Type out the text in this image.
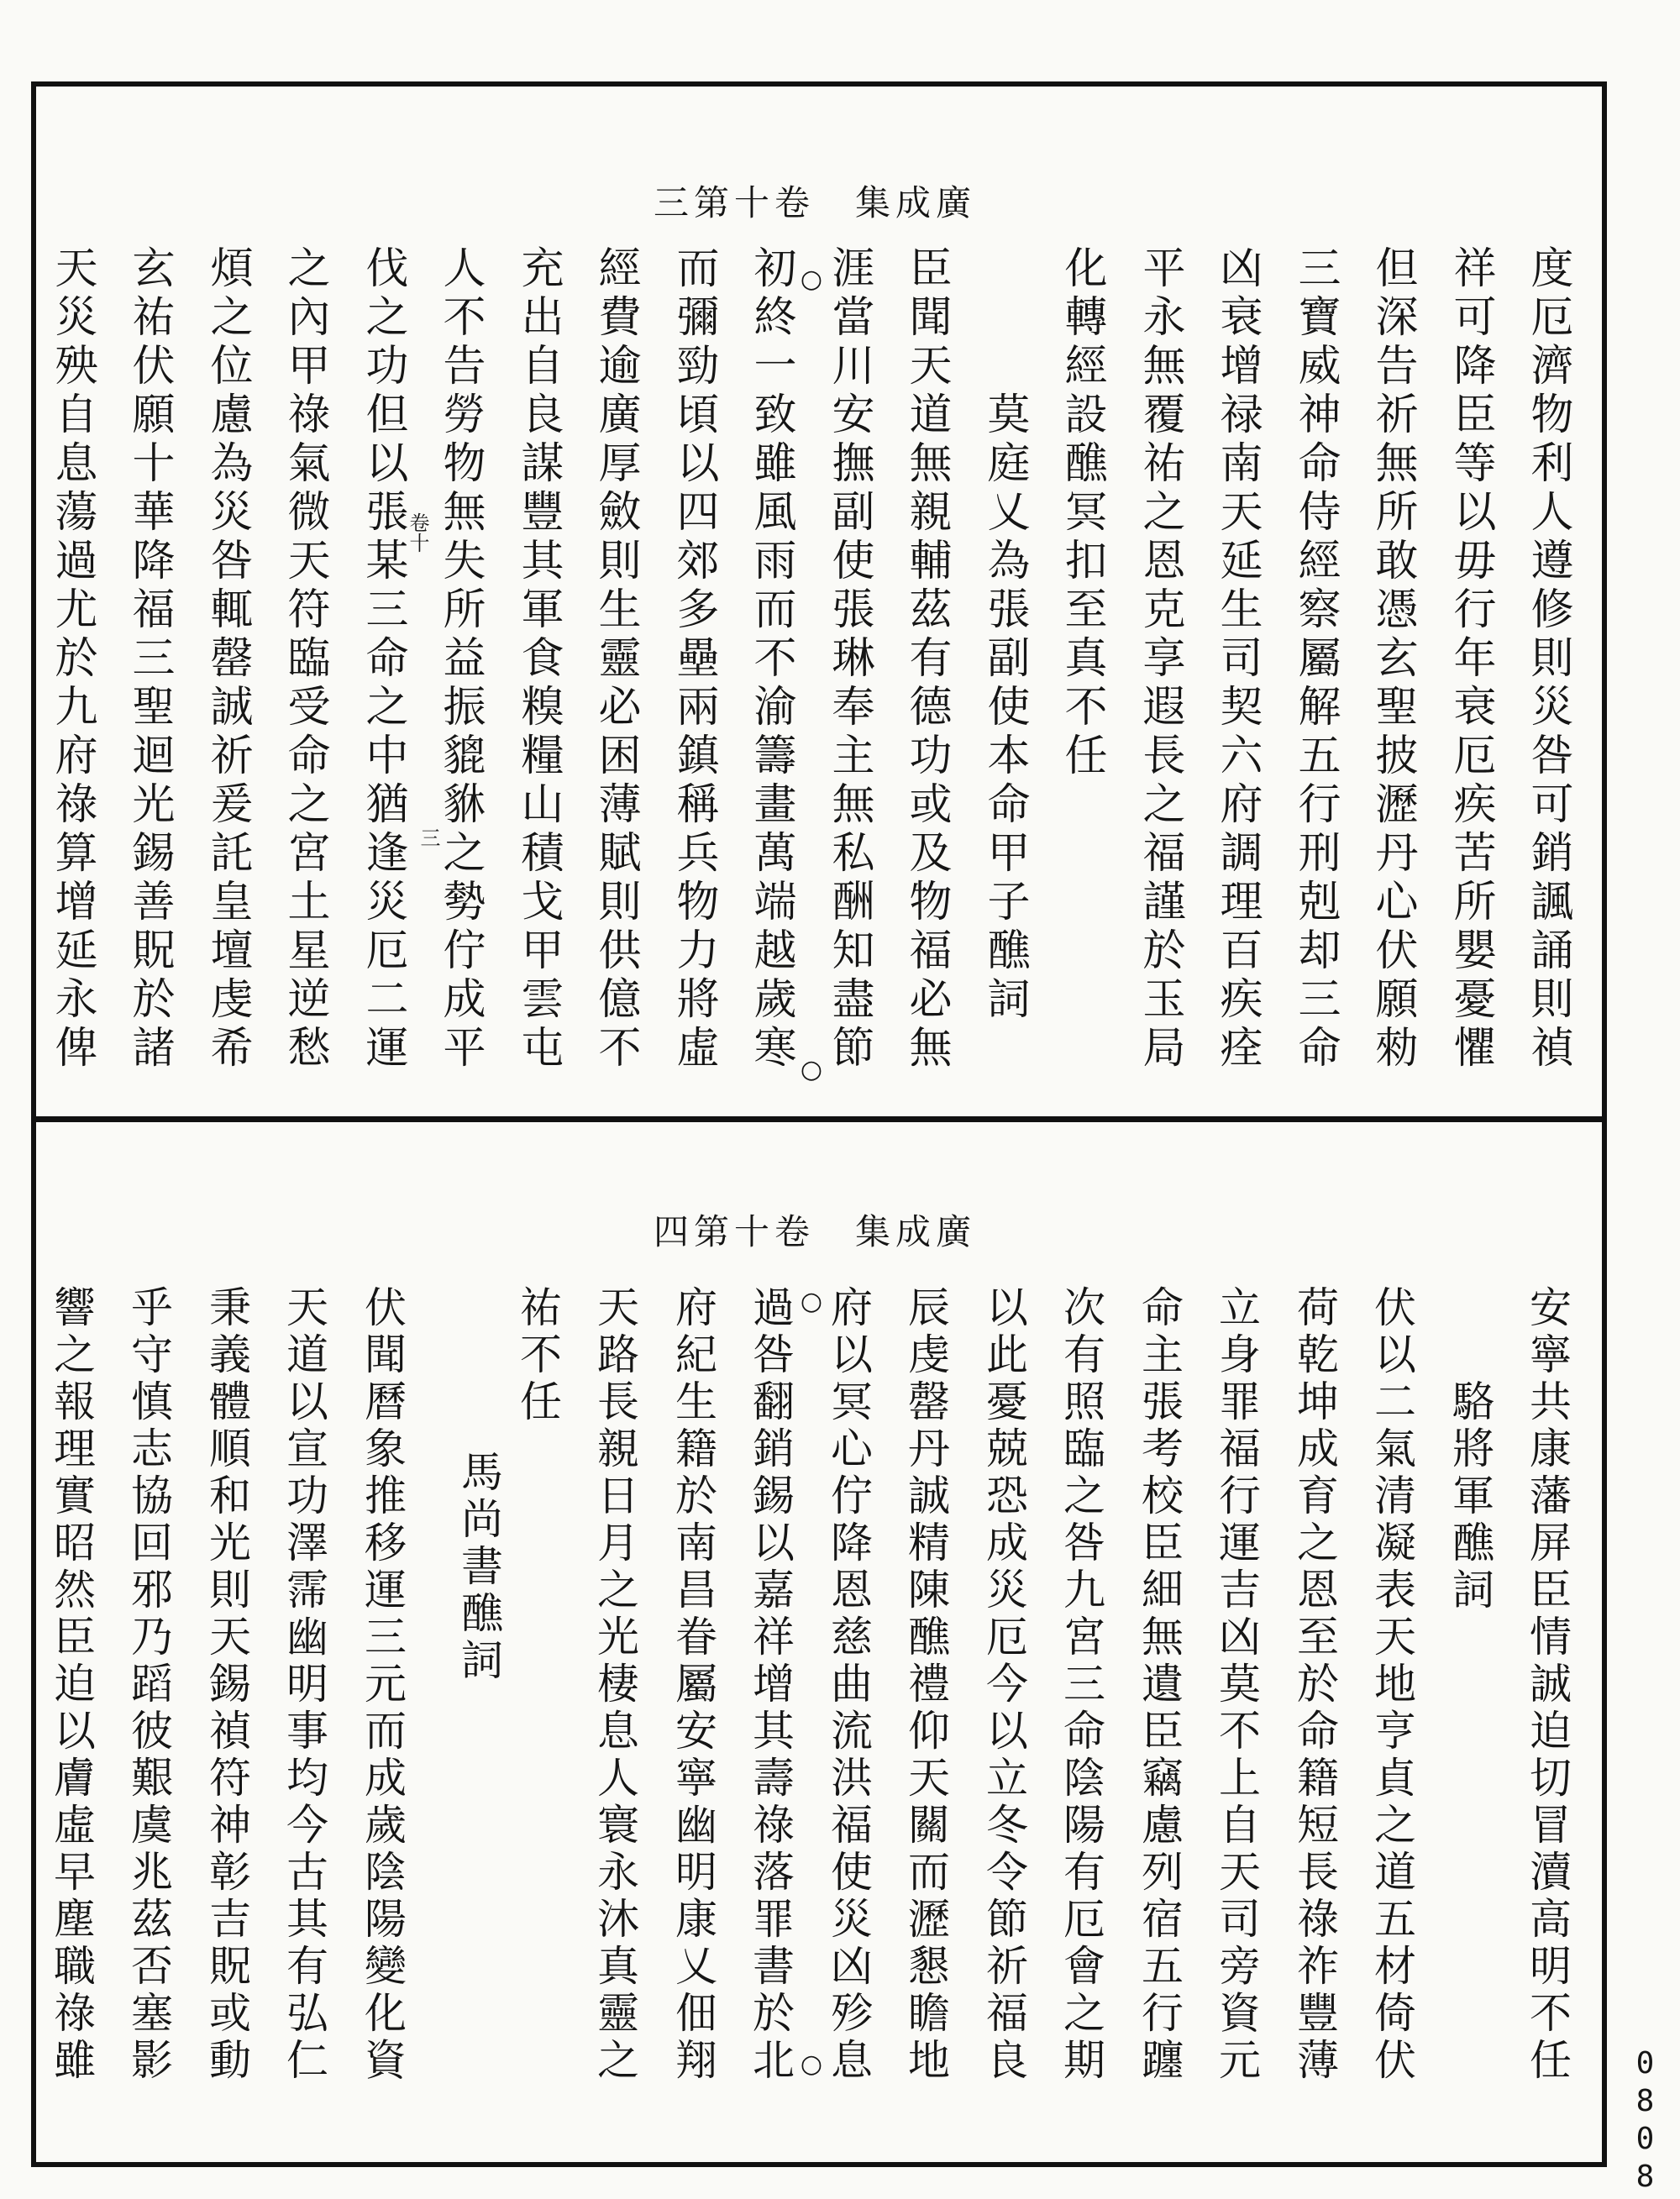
三第十卷　集成廣
度厄濟物利人遵修則災咎可銷諷誦則禎
祥可降臣等以毋行年衰厄疾苦所嬰憂懼
但深告祈無所敢憑玄聖披瀝丹心伏願勑
三寶威神命侍經察屬解五行刑剋却三命
凶衰增禄南天延生司契六府調理百疾痊
平永無覆祐之恩克享遐長之福謹於玉局
化轉經設醮冥扣至真不任
莫庭乂為張副使本命甲子醮詞
臣聞天道無親輔茲有德功或及物福必無
涯當川安撫副使張琳奉主無私酬知盡節
初終一致雖風雨而不渝籌畫萬端越歲寒
而彌勁頃以四郊多壘兩鎮稱兵物力將虛
經費逾廣厚斂則生靈必困薄賦則供億不
充出自良謀豐其軍食糗糧山積戈甲雲屯
人不告勞物無失所益振貔貅之勢佇成平
伐之功但以張某三命之中猶逢災厄二運
之內甲祿氣微天符臨受命之宮土星逆愁
煩之位慮為災咎輒罄誠祈爰託皇壇虔希
玄祐伏願十華降福三聖迴光錫善貺於諸
天災殃自息蕩過尤於九府祿算增延永俾	○
○
卷十
三
四第十卷　集成廣
安寧共康藩屏臣情誠迫切冒瀆高明不任
駱將軍醮詞
伏以二氣清凝表天地亨貞之道五材倚伏
荷乾坤成育之恩至於命籍短長祿祚豐薄
立身罪福行運吉凶莫不上自天司旁資元
命主張考校臣細無遺臣竊慮列宿五行躔
次有照臨之咎九宮三命陰陽有厄會之期
以此憂兢恐成災厄今以立冬令節祈福良
辰虔罄丹誠精陳醮禮仰天關而瀝懇瞻地
府以冥心佇降恩慈曲流洪福使災凶殄息
過咎翻銷錫以嘉祥增其壽祿落罪書於北
府紀生籍於南昌眷屬安寧幽明康乂佃翔
天路長親日月之光棲息人寰永沐真靈之
祐不任
馬尚書醮詞
伏聞曆象推移運三元而成歲陰陽變化資
天道以宣功澤霈幽明事均今古其有弘仁
秉義體順和光則天錫禎符神彰吉貺或動
乎守慎志協回邪乃蹈彼艱虞兆茲否塞影
響之報理實昭然臣迫以膚虛早塵職祿雖	○
○	0808
